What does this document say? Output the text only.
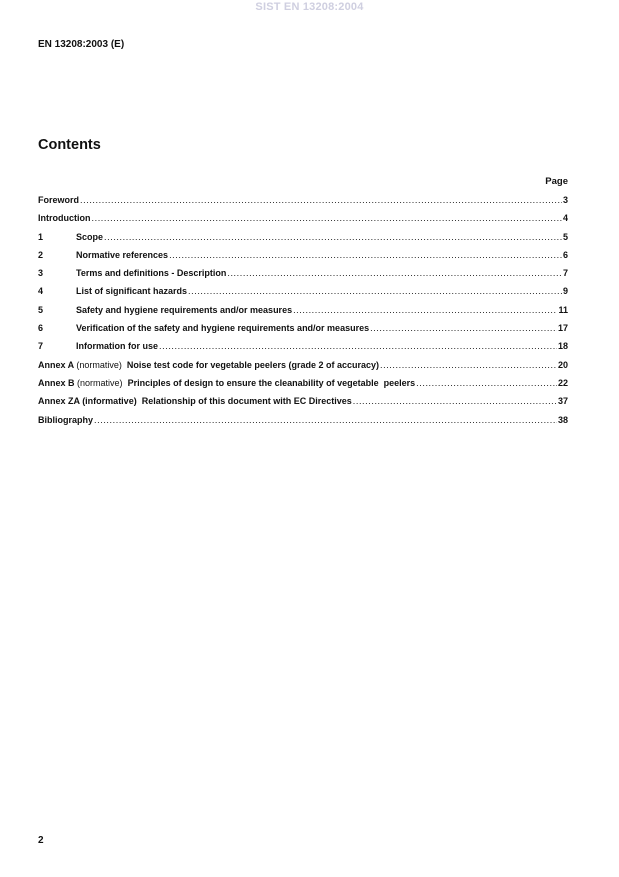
SIST EN 13208:2004
EN 13208:2003 (E)
Contents
Page
Foreword .....	3
Introduction .....	4
1	Scope .....	5
2	Normative references .....	6
3	Terms and definitions - Description .....	7
4	List of significant hazards .....	9
5	Safety and hygiene requirements and/or measures .....	11
6	Verification of the safety and hygiene requirements and/or measures .....	17
7	Information for use .....	18
Annex A (normative) Noise test code for vegetable peelers (grade 2 of accuracy) .....	20
Annex B (normative) Principles of design to ensure the cleanability of vegetable  peelers .....	22
Annex ZA (informative) Relationship of this document with EC Directives .....	37
Bibliography .....	38
2
